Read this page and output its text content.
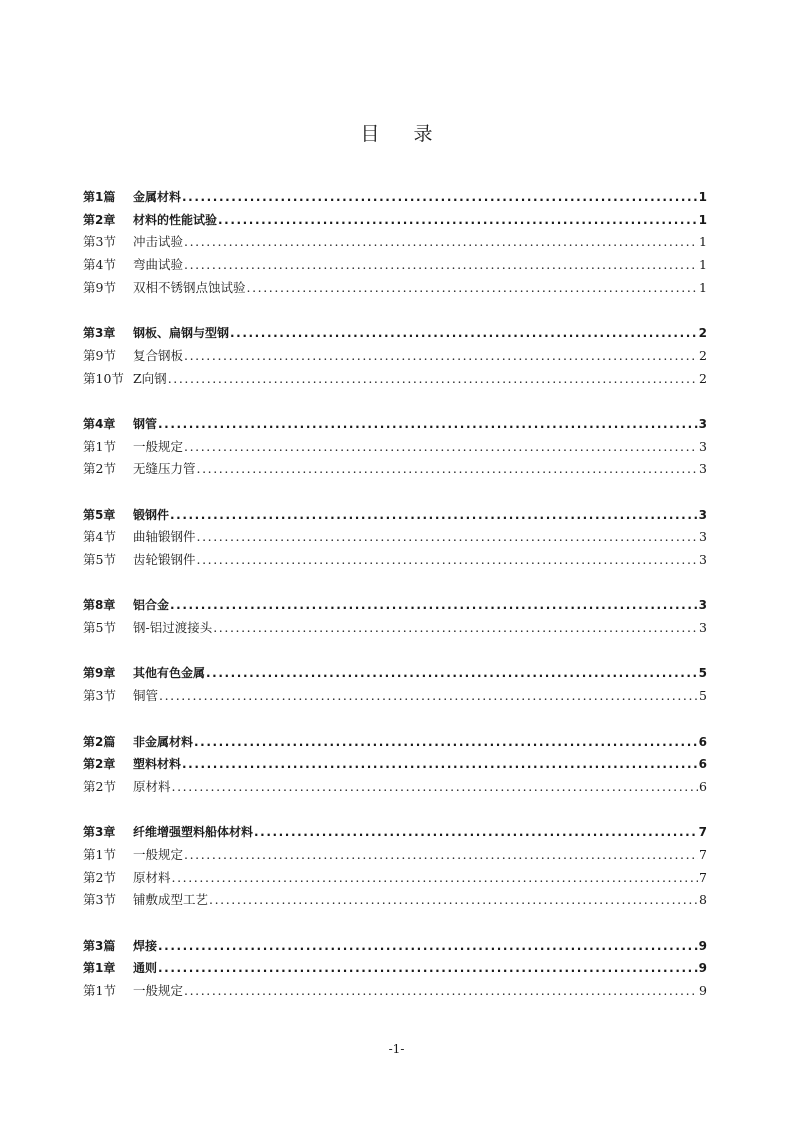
目 录
第1篇	金属材料 .....	1
第2章	材料的性能试验 .....	1
第3节	冲击试验 .....	1
第4节	弯曲试验 .....	1
第9节	双相不锈钢点蚀试验 .....	1
第3章	钢板、扁钢与型钢 .....	2
第9节	复合钢板 .....	2
第10节 Z向钢 .....	2
第4章	钢管 .....	3
第1节	一般规定 .....	3
第2节	无缝压力管 .....	3
第5章	锻钢件 .....	3
第4节	曲轴锻钢件 .....	3
第5节	齿轮锻钢件 .....	3
第8章	铝合金 .....	3
第5节	钢-铝过渡接头 .....	3
第9章	其他有色金属 .....	5
第3节	铜管 .....	5
第2篇	非金属材料 .....	6
第2章	塑料材料 .....	6
第2节	原材料 .....	6
第3章	纤维增强塑料船体材料 .....	7
第1节	一般规定 .....	7
第2节	原材料 .....	7
第3节	铺敷成型工艺 .....	8
第3篇	焊接 .....	9
第1章	通则 .....	9
第1节	一般规定 .....	9
-1-
